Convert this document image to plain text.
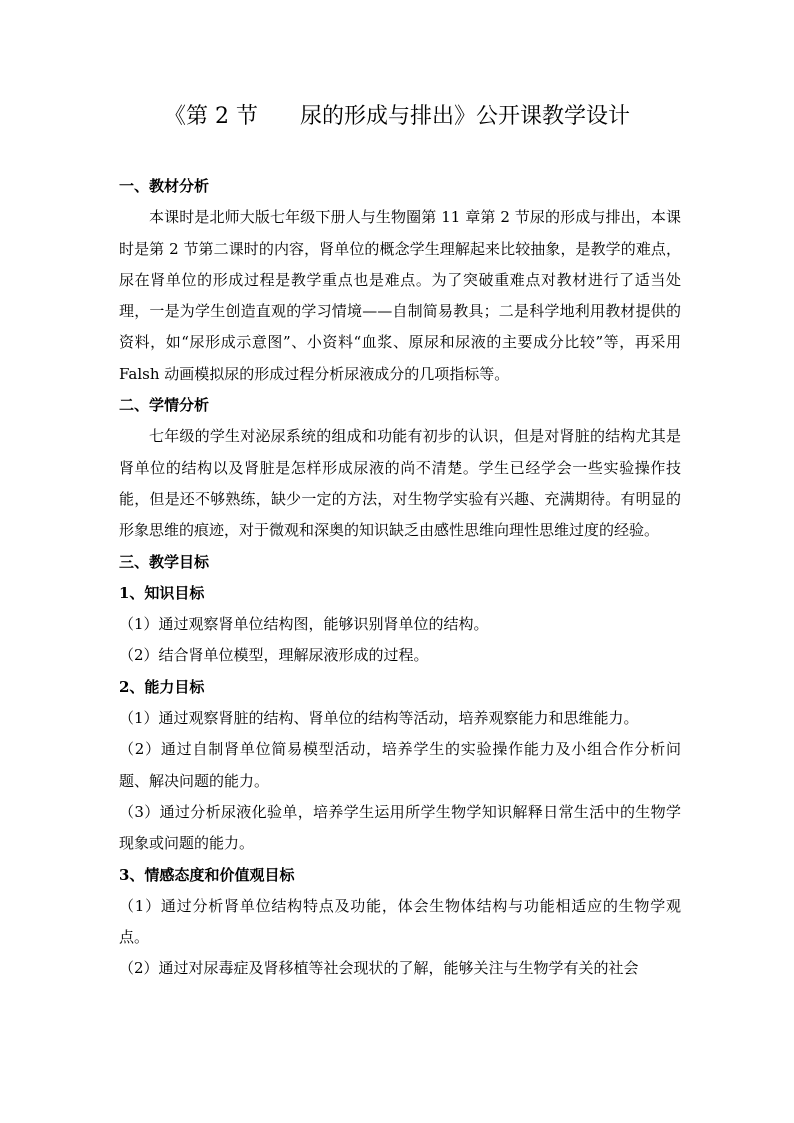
《第 2 节      尿的形成与排出》公开课教学设计

一、教材分析

本课时是北师大版七年级下册人与生物圈第 11 章第 2 节尿的形成与排出，本课时是第 2 节第二课时的内容，肾单位的概念学生理解起来比较抽象，是教学的难点，尿在肾单位的形成过程是教学重点也是难点。为了突破重难点对教材进行了适当处理，一是为学生创造直观的学习情境——自制简易教具；二是科学地利用教材提供的资料，如“尿形成示意图”、小资料“血浆、原尿和尿液的主要成分比较”等，再采用 Falsh 动画模拟尿的形成过程分析尿液成分的几项指标等。

二、学情分析

七年级的学生对泌尿系统的组成和功能有初步的认识，但是对肾脏的结构尤其是肾单位的结构以及肾脏是怎样形成尿液的尚不清楚。学生已经学会一些实验操作技能，但是还不够熟练，缺少一定的方法，对生物学实验有兴趣、充满期待。有明显的形象思维的痕迹，对于微观和深奥的知识缺乏由感性思维向理性思维过度的经验。

三、教学目标

1、知识目标

（1）通过观察肾单位结构图，能够识别肾单位的结构。

（2）结合肾单位模型，理解尿液形成的过程。

2、能力目标

（1）通过观察肾脏的结构、肾单位的结构等活动，培养观察能力和思维能力。

（2）通过自制肾单位简易模型活动，培养学生的实验操作能力及小组合作分析问题、解决问题的能力。

（3）通过分析尿液化验单，培养学生运用所学生物学知识解释日常生活中的生物学现象或问题的能力。

3、情感态度和价值观目标

（1）通过分析肾单位结构特点及功能，体会生物体结构与功能相适应的生物学观点。

（2）通过对尿毒症及肾移植等社会现状的了解，能够关注与生物学有关的社会
